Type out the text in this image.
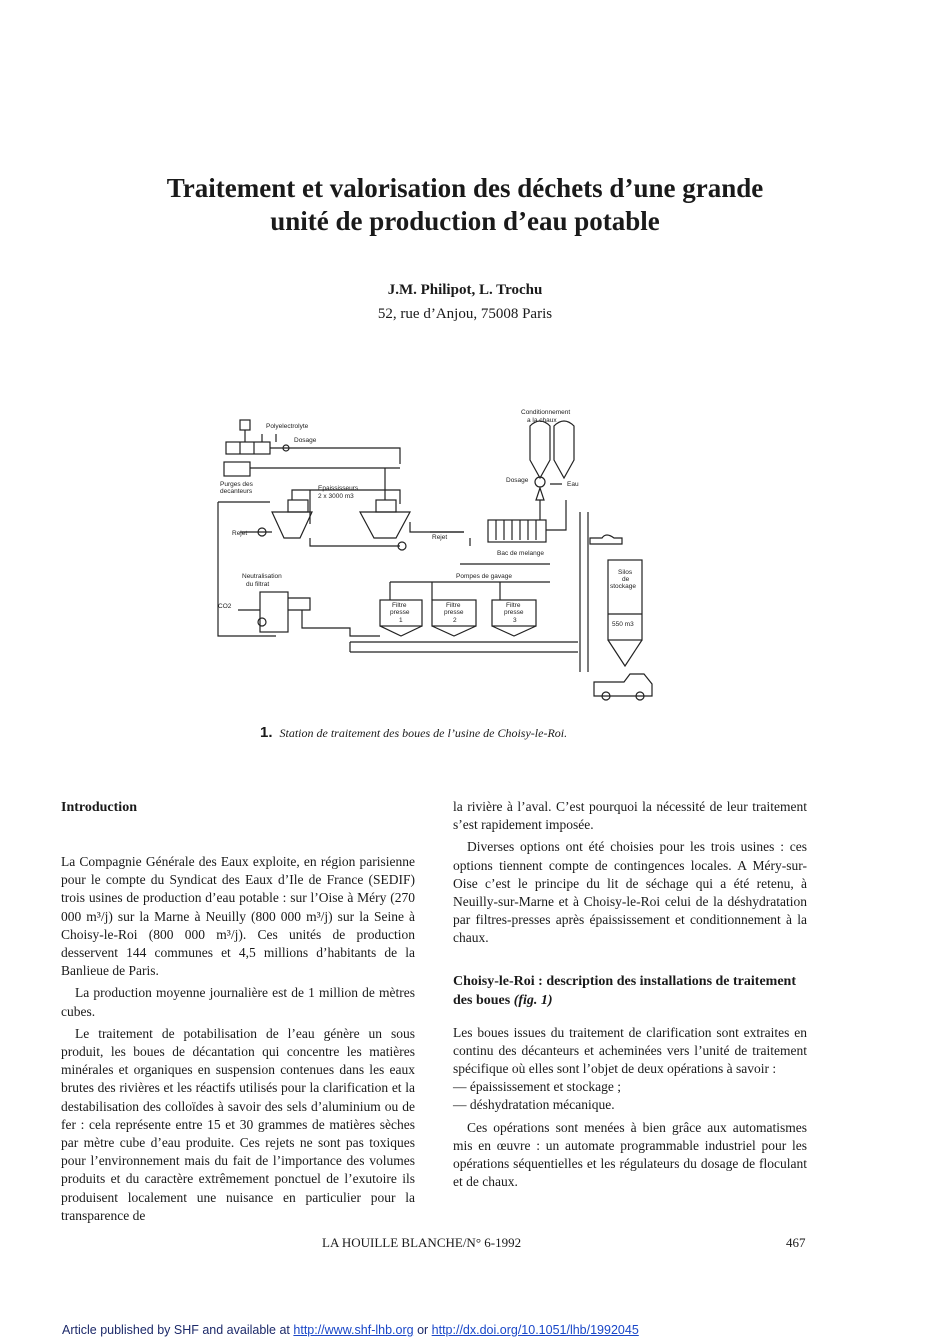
Traitement et valorisation des déchets d’une grande
unité de production d’eau potable
J.M. Philipot, L. Trochu
52, rue d’Anjou, 75008 Paris
Conditionnement
a la chaux
Polyelectrolyte
Dosage
Purges des
decanteurs	Epaississeurs
2 x 3000 m3
Dosage
Eau
Rejet
Rejet
Bac de melange
Pompes de gavage
Neutralisation
du filtrat
CO2	Filtre
presse
1
Filtre
presse
2
Filtre
presse
3
Silos
de
stockage
550 m3
1. Station de traitement des boues de l’usine de Choisy-le-Roi.
Introduction

La Compagnie Générale des Eaux exploite, en région parisienne pour le compte du Syndicat des Eaux d’Ile de France (SEDIF) trois usines de production d’eau potable : sur l’Oise à Méry (270 000 m³/j) sur la Marne à Neuilly (800 000 m³/j) sur la Seine à Choisy-le-Roi (800 000 m³/j). Ces unités de production desservent 144 communes et 4,5 millions d’habitants de la Banlieue de Paris.

La production moyenne journalière est de 1 million de mètres cubes.

Le traitement de potabilisation de l’eau génère un sous produit, les boues de décantation qui concentre les matières minérales et organiques en suspension contenues dans les eaux brutes des rivières et les réactifs utilisés pour la clarification et la destabilisation des colloïdes à savoir des sels d’aluminium ou de fer : cela représente entre 15 et 30 grammes de matières sèches par mètre cube d’eau produite. Ces rejets ne sont pas toxiques pour l’environnement mais du fait de l’importance des volumes produits et du caractère extrêmement ponctuel de l’exutoire ils produisent localement une nuisance en particulier pour la transparence de

la rivière à l’aval. C’est pourquoi la nécessité de leur traitement s’est rapidement imposée.

Diverses options ont été choisies pour les trois usines : ces options tiennent compte de contingences locales. A Méry-sur-Oise c’est le principe du lit de séchage qui a été retenu, à Neuilly-sur-Marne et à Choisy-le-Roi celui de la déshydratation par filtres-presses après épaississement et conditionnement à la chaux.

Choisy-le-Roi : description des installations de traitement des boues (fig. 1)

Les boues issues du traitement de clarification sont extraites en continu des décanteurs et acheminées vers l’unité de traitement spécifique où elles sont l’objet de deux opérations à savoir :

— épaississement et stockage ;

— déshydratation mécanique.

Ces opérations sont menées à bien grâce aux automatismes mis en œuvre : un automate programmable industriel pour les opérations séquentielles et les régulateurs du dosage de floculant et de chaux.

LA HOUILLE BLANCHE/N° 6-1992	467
Article published by SHF and available at http://www.shf-lhb.org or http://dx.doi.org/10.1051/lhb/1992045
